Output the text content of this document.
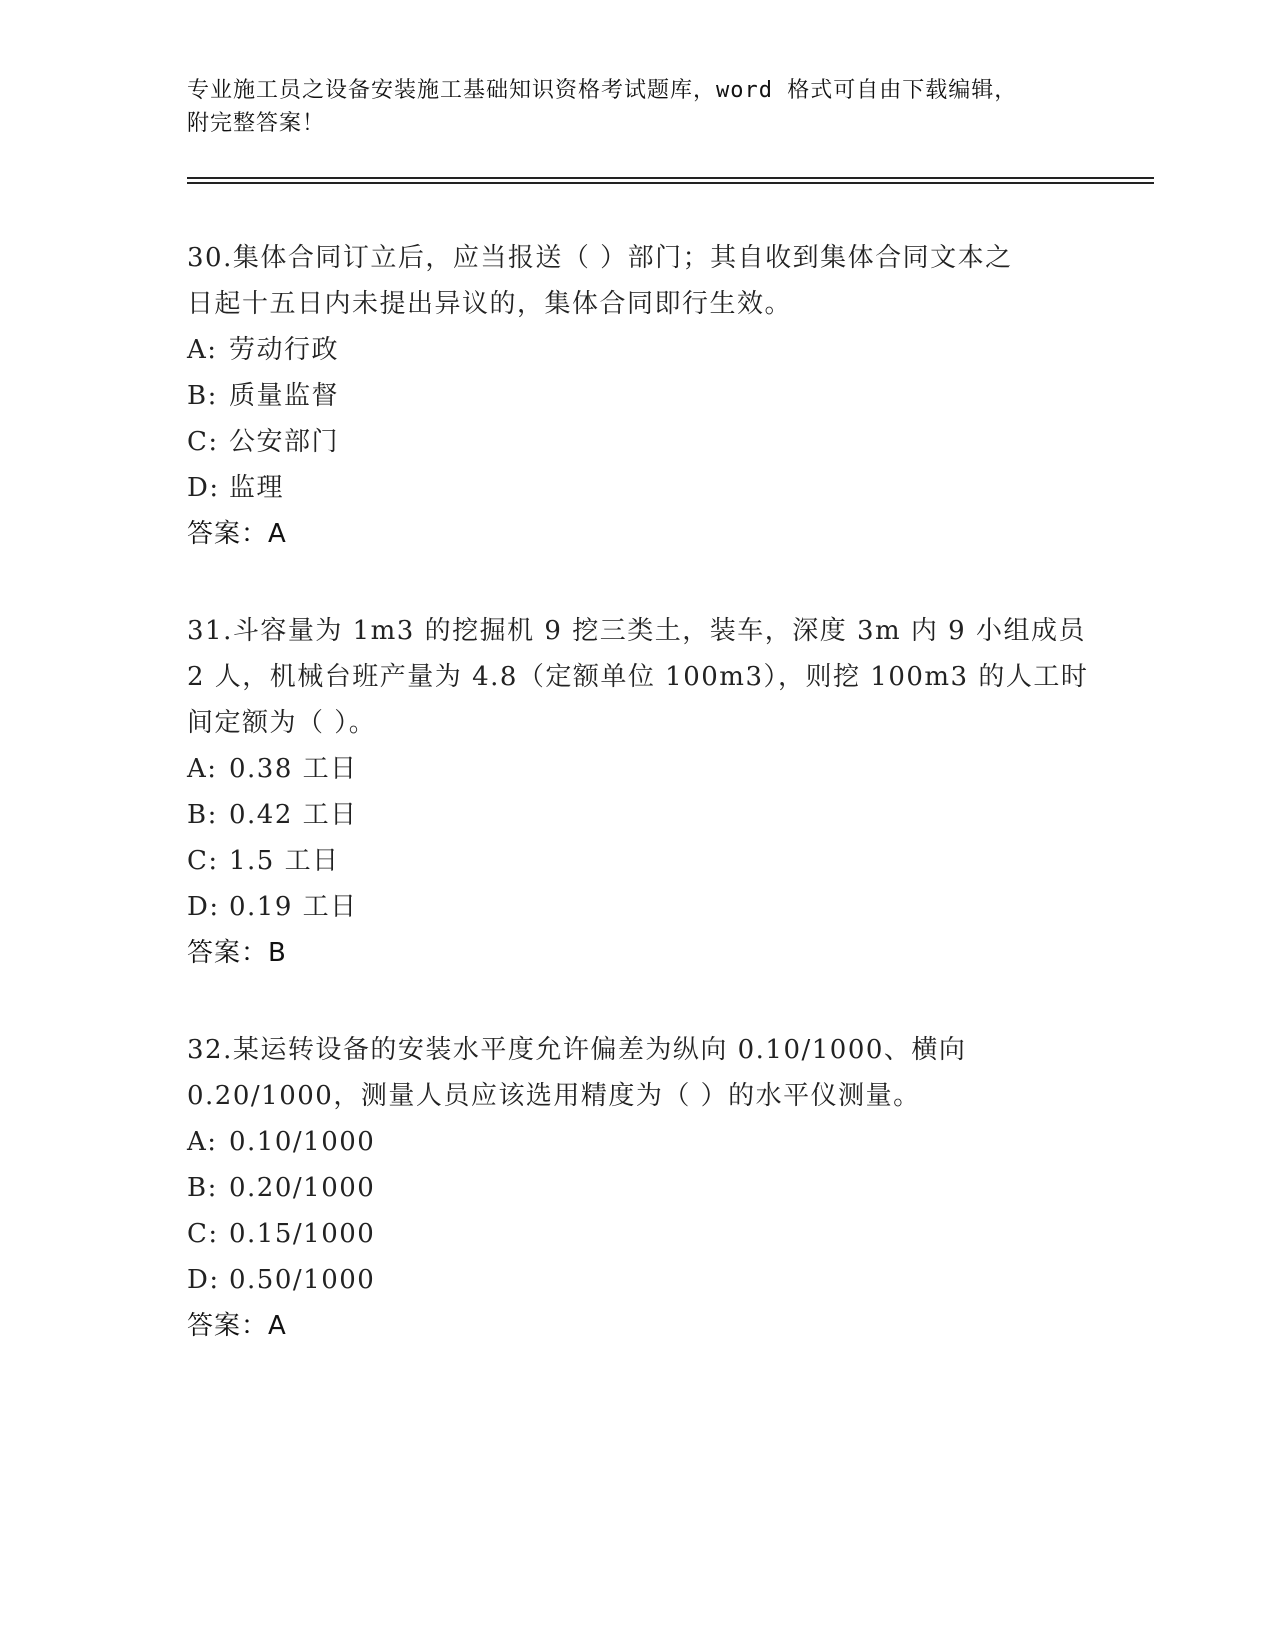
专业施工员之设备安装施工基础知识资格考试题库，word 格式可自由下载编辑，
附完整答案！
30.集体合同订立后，应当报送（ ）部门；其自收到集体合同文本之
日起十五日内未提出异议的，集体合同即行生效。
A: 劳动行政
B: 质量监督
C: 公安部门
D: 监理
答案：A
31.斗容量为 1m3 的挖掘机 9 挖三类土，装车，深度 3m 内 9 小组成员
2 人，机械台班产量为 4.8（定额单位 100m3），则挖 100m3 的人工时
间定额为（ ）。
A: 0.38 工日
B: 0.42 工日
C: 1.5 工日
D: 0.19 工日
答案：B
32.某运转设备的安装水平度允许偏差为纵向 0.10/1000、横向
0.20/1000，测量人员应该选用精度为（ ）的水平仪测量。
A: 0.10/1000
B: 0.20/1000
C: 0.15/1000
D: 0.50/1000
答案：A
